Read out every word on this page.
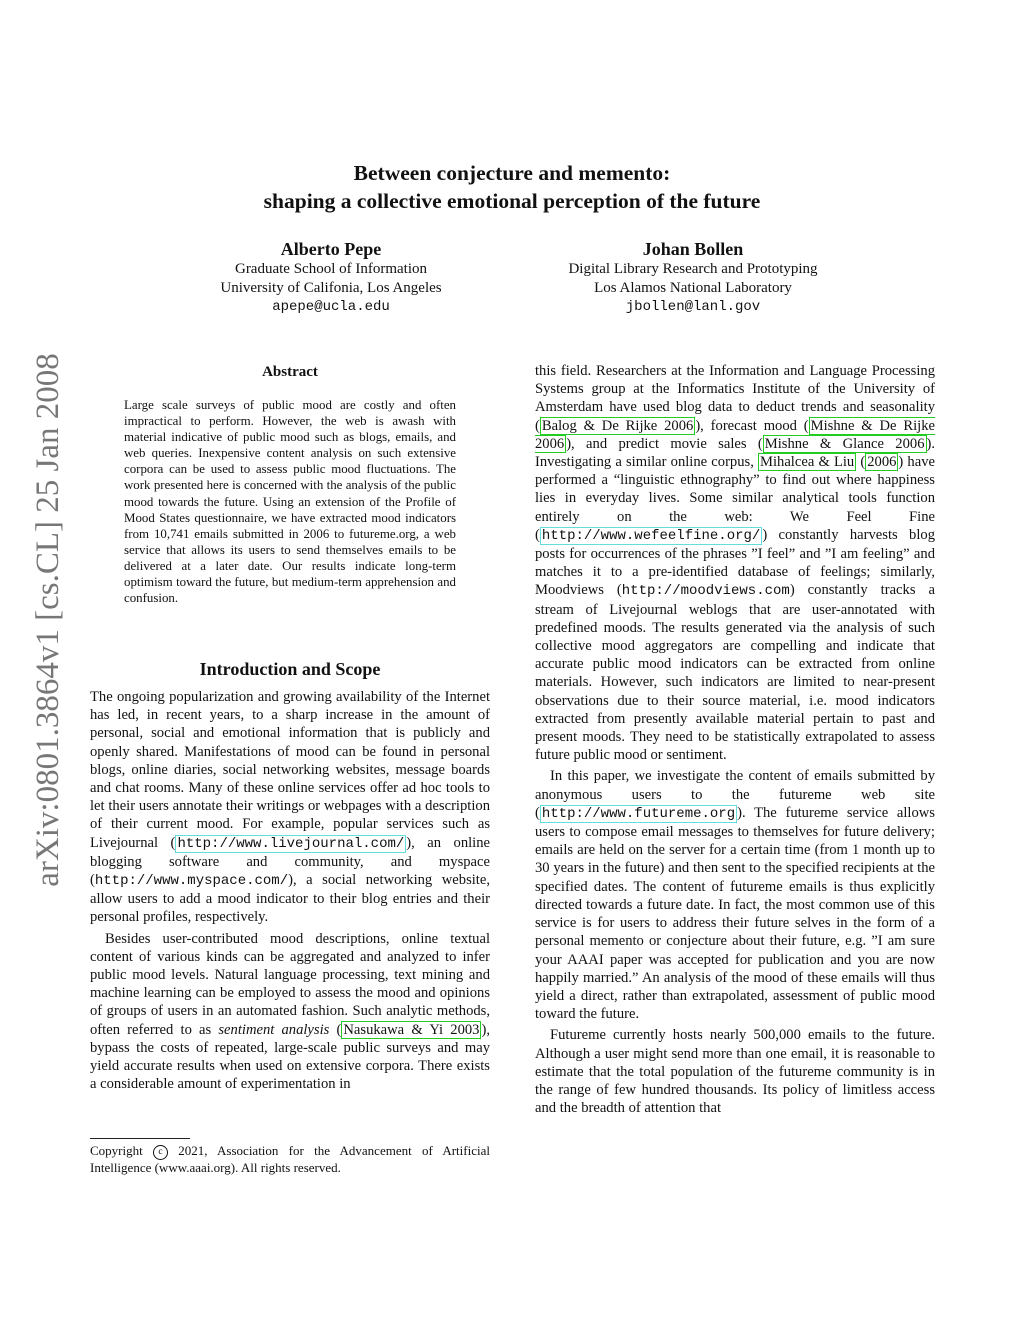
arXiv:0801.3864v1 [cs.CL] 25 Jan 2008
Between conjecture and memento:
shaping a collective emotional perception of the future
Alberto Pepe
Graduate School of Information
University of Califonia, Los Angeles
apepe@ucla.edu
Johan Bollen
Digital Library Research and Prototyping
Los Alamos National Laboratory
jbollen@lanl.gov
Abstract
Large scale surveys of public mood are costly and often impractical to perform. However, the web is awash with material indicative of public mood such as blogs, emails, and web queries. Inexpensive content analysis on such extensive corpora can be used to assess public mood fluctuations. The work presented here is concerned with the analysis of the public mood towards the future. Using an extension of the Profile of Mood States questionnaire, we have extracted mood indicators from 10,741 emails submitted in 2006 to futureme.org, a web service that allows its users to send themselves emails to be delivered at a later date. Our results indicate long-term optimism toward the future, but medium-term apprehension and confusion.
Introduction and Scope

The ongoing popularization and growing availability of the Internet has led, in recent years, to a sharp increase in the amount of personal, social and emotional information that is publicly and openly shared. Manifestations of mood can be found in personal blogs, online diaries, social networking websites, message boards and chat rooms. Many of these online services offer ad hoc tools to let their users annotate their writings or webpages with a description of their current mood. For example, popular services such as Livejournal ( http://www.livejournal.com/ ), an online blogging software and community, and myspace (http://www.myspace.com/), a social networking website, allow users to add a mood indicator to their blog entries and their personal profiles, respectively.

Besides user-contributed mood descriptions, online textual content of various kinds can be aggregated and analyzed to infer public mood levels. Natural language processing, text mining and machine learning can be employed to assess the mood and opinions of groups of users in an automated fashion. Such analytic methods, often referred to as sentiment analysis ( Nasukawa & Yi 2003 ), bypass the costs of repeated, large-scale public surveys and may yield accurate results when used on extensive corpora. There exists a considerable amount of experimentation in

Copyright c 2021, Association for the Advancement of Artificial Intelligence (www.aaai.org). All rights reserved.

this field. Researchers at the Information and Language Processing Systems group at the Informatics Institute of the University of Amsterdam have used blog data to deduct trends and seasonality ( Balog & De Rijke 2006 ), forecast mood ( Mishne & De Rijke 2006 ), and predict movie sales ( Mishne & Glance 2006 ). Investigating a similar online corpus, Mihalcea & Liu ( 2006 ) have performed a “linguistic ethnography” to find out where happiness lies in everyday lives. Some similar analytical tools function entirely on the web: We Feel Fine ( http://www.wefeelfine.org/ ) constantly harvests blog posts for occurrences of the phrases ”I feel” and ”I am feeling” and matches it to a pre-identified database of feelings; similarly, Moodviews (http://moodviews.com) constantly tracks a stream of Livejournal weblogs that are user-annotated with predefined moods. The results generated via the analysis of such collective mood aggregators are compelling and indicate that accurate public mood indicators can be extracted from online materials. However, such indicators are limited to near-present observations due to their source material, i.e. mood indicators extracted from presently available material pertain to past and present moods. They need to be statistically extrapolated to assess future public mood or sentiment.

In this paper, we investigate the content of emails submitted by anonymous users to the futureme web site ( http://www.futureme.org ). The futureme service allows users to compose email messages to themselves for future delivery; emails are held on the server for a certain time (from 1 month up to 30 years in the future) and then sent to the specified recipients at the specified dates. The content of futureme emails is thus explicitly directed towards a future date. In fact, the most common use of this service is for users to address their future selves in the form of a personal memento or conjecture about their future, e.g. ”I am sure your AAAI paper was accepted for publication and you are now happily married.” An analysis of the mood of these emails will thus yield a direct, rather than extrapolated, assessment of public mood toward the future.

Futureme currently hosts nearly 500,000 emails to the future. Although a user might send more than one email, it is reasonable to estimate that the total population of the futureme community is in the range of few hundred thousands. Its policy of limitless access and the breadth of attention that
